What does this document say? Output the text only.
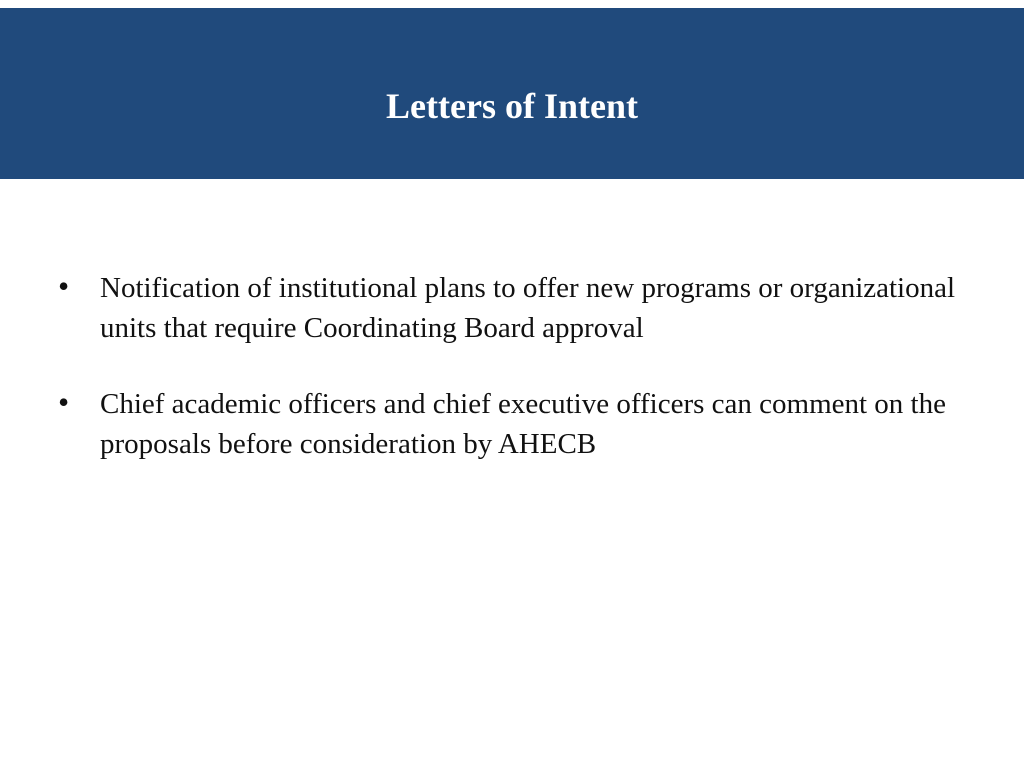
Letters of Intent
• Notification of institutional plans to offer new programs or organizational units that require Coordinating Board approval
• Chief academic officers and chief executive officers can comment on the proposals before consideration by AHECB
